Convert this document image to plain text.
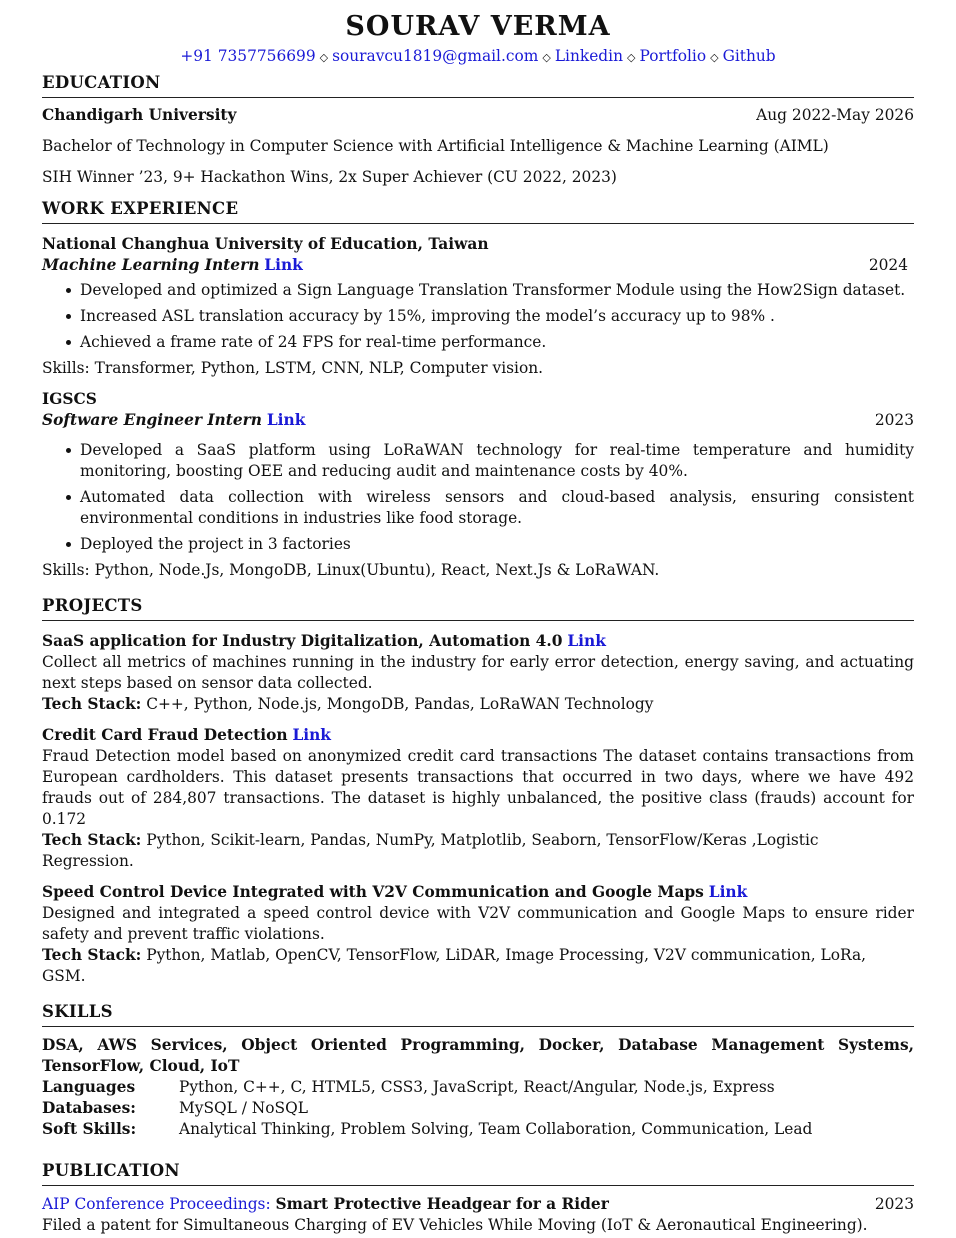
SOURAV VERMA
+91 7357756699 ◇ souravcu1819@gmail.com ◇ Linkedin ◇ Portfolio ◇ Github
EDUCATION
Chandigarh University	Aug 2022-May 2026
Bachelor of Technology in Computer Science with Artificial Intelligence & Machine Learning (AIML)
SIH Winner ’23, 9+ Hackathon Wins, 2x Super Achiever (CU 2022, 2023)
WORK EXPERIENCE
National Changhua University of Education, Taiwan
Machine Learning Intern Link	2024
Developed and optimized a Sign Language Translation Transformer Module using the How2Sign dataset.
Increased ASL translation accuracy by 15%, improving the model’s accuracy up to 98% .
Achieved a frame rate of 24 FPS for real-time performance.
Skills: Transformer, Python, LSTM, CNN, NLP, Computer vision.
IGSCS
Software Engineer Intern Link	2023
Developed a SaaS platform using LoRaWAN technology for real-time temperature and humidity monitoring, boosting OEE and reducing audit and maintenance costs by 40%.
Automated data collection with wireless sensors and cloud-based analysis, ensuring consistent environmental conditions in industries like food storage.
Deployed the project in 3 factories
Skills: Python, Node.Js, MongoDB, Linux(Ubuntu), React, Next.Js & LoRaWAN.
PROJECTS
SaaS application for Industry Digitalization, Automation 4.0 Link
Collect all metrics of machines running in the industry for early error detection, energy saving, and actuating next steps based on sensor data collected.
Tech Stack: C++, Python, Node.js, MongoDB, Pandas, LoRaWAN Technology
Credit Card Fraud Detection Link
Fraud Detection model based on anonymized credit card transactions The dataset contains transactions from European cardholders. This dataset presents transactions that occurred in two days, where we have 492 frauds out of 284,807 transactions. The dataset is highly unbalanced, the positive class (frauds) account for 0.172
Tech Stack: Python, Scikit-learn, Pandas, NumPy, Matplotlib, Seaborn, TensorFlow/Keras ,Logistic Regression.
Speed Control Device Integrated with V2V Communication and Google Maps Link
Designed and integrated a speed control device with V2V communication and Google Maps to ensure rider safety and prevent traffic violations.
Tech Stack: Python, Matlab, OpenCV, TensorFlow, LiDAR, Image Processing, V2V communication, LoRa, GSM.
SKILLS
DSA, AWS Services, Object Oriented Programming, Docker, Database Management Systems, TensorFlow, Cloud, IoT
Languages	Python, C++, C, HTML5, CSS3, JavaScript, React/Angular, Node.js, Express
Databases:	MySQL / NoSQL
Soft Skills:	Analytical Thinking, Problem Solving, Team Collaboration, Communication, Lead
PUBLICATION
AIP Conference Proceedings: Smart Protective Headgear for a Rider	2023
Filed a patent for Simultaneous Charging of EV Vehicles While Moving (IoT & Aeronautical Engineering).
